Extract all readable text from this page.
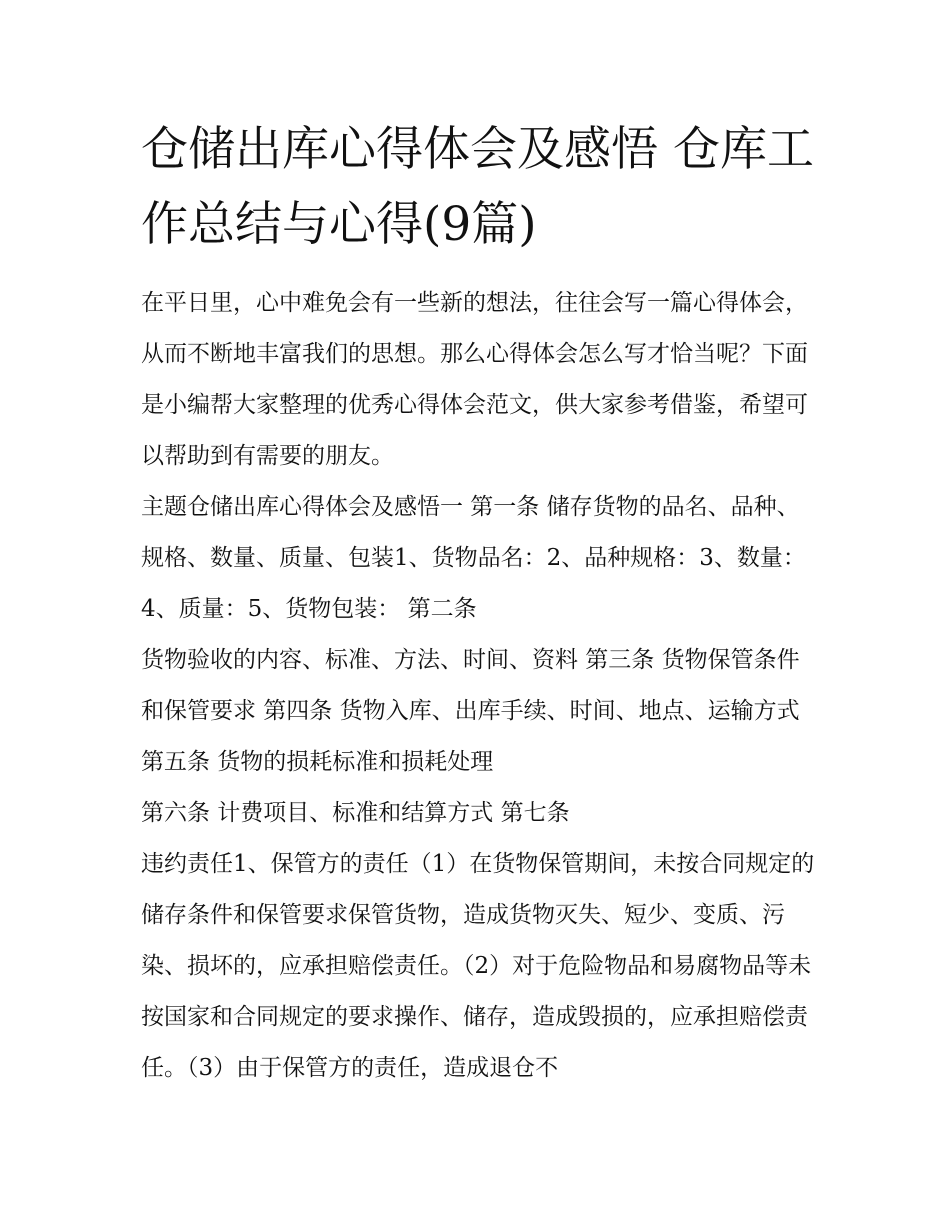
仓储出库心得体会及感悟 仓库工作总结与心得(9篇)

在平日里，心中难免会有一些新的想法，往往会写一篇心得体会，从而不断地丰富我们的思想。那么心得体会怎么写才恰当呢？下面是小编帮大家整理的优秀心得体会范文，供大家参考借鉴，希望可以帮助到有需要的朋友。

主题仓储出库心得体会及感悟一 第一条 储存货物的品名、品种、规格、数量、质量、包装1、货物品名：2、品种规格：3、数量：4、质量：5、货物包装： 第二条

货物验收的内容、标准、方法、时间、资料 第三条 货物保管条件和保管要求 第四条 货物入库、出库手续、时间、地点、运输方式 第五条 货物的损耗标准和损耗处理

第六条 计费项目、标准和结算方式 第七条

违约责任1、保管方的责任（1）在货物保管期间，未按合同规定的储存条件和保管要求保管货物，造成货物灭失、短少、变质、污染、损坏的，应承担赔偿责任。（2）对于危险物品和易腐物品等未按国家和合同规定的要求操作、储存，造成毁损的，应承担赔偿责任。（3）由于保管方的责任，造成退仓不
